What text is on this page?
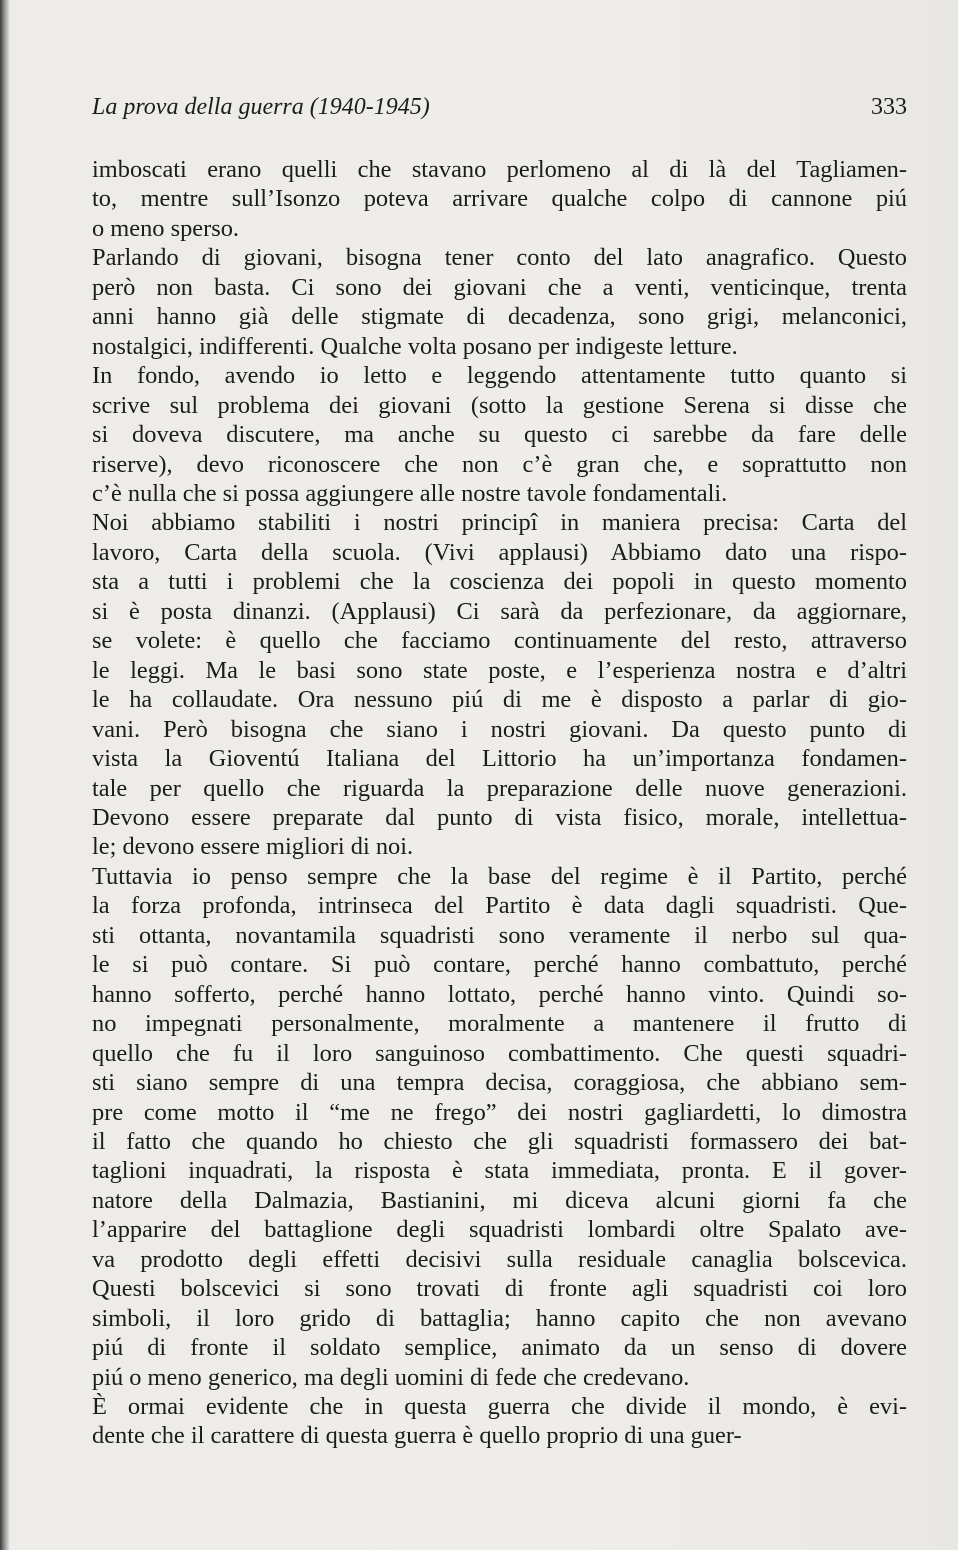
La prova della guerra (1940-1945)	333

imboscati erano quelli che stavano perlomeno al di là del Tagliamen-
to, mentre sull’Isonzo poteva arrivare qualche colpo di cannone piú
o meno sperso.

Parlando di giovani, bisogna tener conto del lato anagrafico. Questo
però non basta. Ci sono dei giovani che a venti, venticinque, trenta
anni hanno già delle stigmate di decadenza, sono grigi, melanconici,
nostalgici, indifferenti. Qualche volta posano per indigeste letture.

In fondo, avendo io letto e leggendo attentamente tutto quanto si
scrive sul problema dei giovani (sotto la gestione Serena si disse che
si doveva discutere, ma anche su questo ci sarebbe da fare delle
riserve), devo riconoscere che non c’è gran che, e soprattutto non
c’è nulla che si possa aggiungere alle nostre tavole fondamentali.

Noi abbiamo stabiliti i nostri principî in maniera precisa: Carta del
lavoro, Carta della scuola. (Vivi applausi) Abbiamo dato una rispo-
sta a tutti i problemi che la coscienza dei popoli in questo momento
si è posta dinanzi. (Applausi) Ci sarà da perfezionare, da aggiornare,
se volete: è quello che facciamo continuamente del resto, attraverso
le leggi. Ma le basi sono state poste, e l’esperienza nostra e d’altri
le ha collaudate. Ora nessuno piú di me è disposto a parlar di gio-
vani. Però bisogna che siano i nostri giovani. Da questo punto di
vista la Gioventú Italiana del Littorio ha un’importanza fondamen-
tale per quello che riguarda la preparazione delle nuove generazioni.
Devono essere preparate dal punto di vista fisico, morale, intellettua-
le; devono essere migliori di noi.

Tuttavia io penso sempre che la base del regime è il Partito, perché
la forza profonda, intrinseca del Partito è data dagli squadristi. Que-
sti ottanta, novantamila squadristi sono veramente il nerbo sul qua-
le si può contare. Si può contare, perché hanno combattuto, perché
hanno sofferto, perché hanno lottato, perché hanno vinto. Quindi so-
no impegnati personalmente, moralmente a mantenere il frutto di
quello che fu il loro sanguinoso combattimento. Che questi squadri-
sti siano sempre di una tempra decisa, coraggiosa, che abbiano sem-
pre come motto il “me ne frego” dei nostri gagliardetti, lo dimostra
il fatto che quando ho chiesto che gli squadristi formassero dei bat-
taglioni inquadrati, la risposta è stata immediata, pronta. E il gover-
natore della Dalmazia, Bastianini, mi diceva alcuni giorni fa che
l’apparire del battaglione degli squadristi lombardi oltre Spalato ave-
va prodotto degli effetti decisivi sulla residuale canaglia bolscevica.
Questi bolscevici si sono trovati di fronte agli squadristi coi loro
simboli, il loro grido di battaglia; hanno capito che non avevano
piú di fronte il soldato semplice, animato da un senso di dovere
piú o meno generico, ma degli uomini di fede che credevano.

È ormai evidente che in questa guerra che divide il mondo, è evi-
dente che il carattere di questa guerra è quello proprio di una guer-
